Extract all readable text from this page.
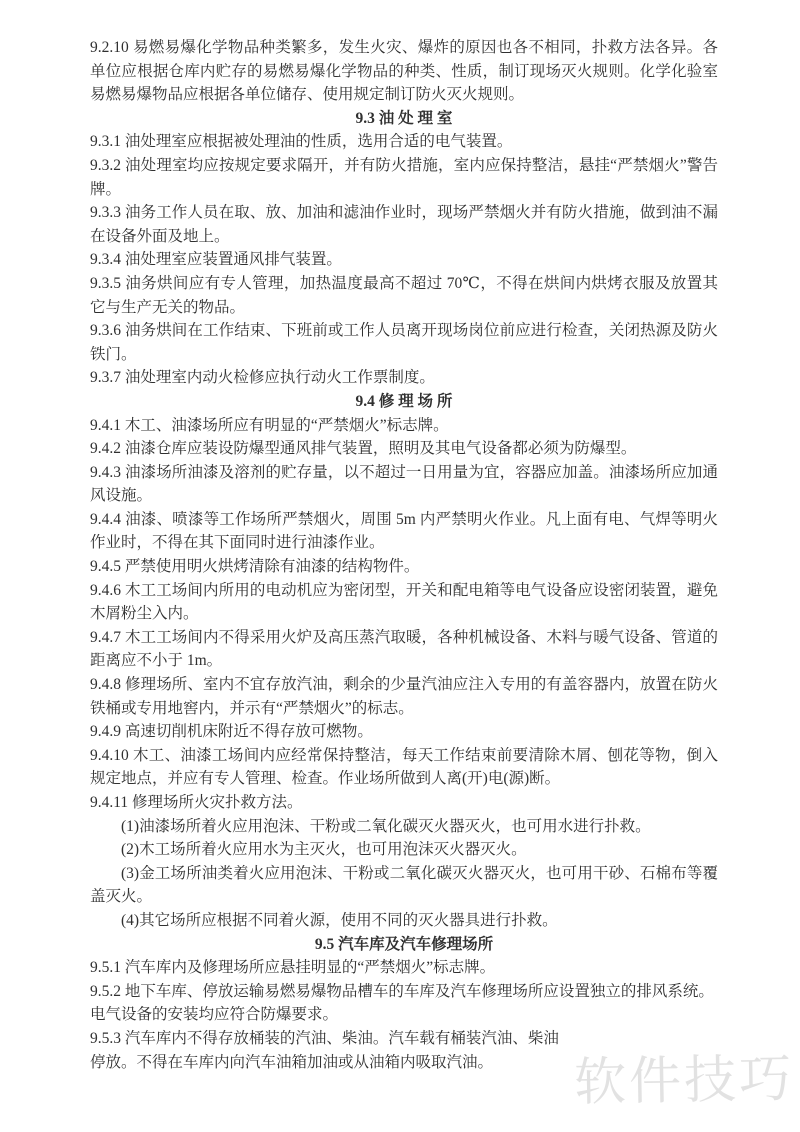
9.2.10 易燃易爆化学物品种类繁多，发生火灾、爆炸的原因也各不相同，扑救方法各异。各单位应根据仓库内贮存的易燃易爆化学物品的种类、性质，制订现场灭火规则。化学化验室易燃易爆物品应根据各单位储存、使用规定制订防火灭火规则。

9.3 油 处 理 室

9.3.1 油处理室应根据被处理油的性质，选用合适的电气装置。

9.3.2 油处理室均应按规定要求隔开，并有防火措施，室内应保持整洁，悬挂“严禁烟火”警告牌。

9.3.3 油务工作人员在取、放、加油和滤油作业时，现场严禁烟火并有防火措施，做到油不漏在设备外面及地上。

9.3.4 油处理室应装置通风排气装置。

9.3.5 油务烘间应有专人管理，加热温度最高不超过 70℃，不得在烘间内烘烤衣服及放置其它与生产无关的物品。

9.3.6 油务烘间在工作结束、下班前或工作人员离开现场岗位前应进行检查，关闭热源及防火铁门。

9.3.7 油处理室内动火检修应执行动火工作票制度。

9.4 修 理 场 所

9.4.1 木工、油漆场所应有明显的“严禁烟火”标志牌。

9.4.2 油漆仓库应装设防爆型通风排气装置，照明及其电气设备都必须为防爆型。

9.4.3 油漆场所油漆及溶剂的贮存量，以不超过一日用量为宜，容器应加盖。油漆场所应加通风设施。

9.4.4 油漆、喷漆等工作场所严禁烟火，周围 5m 内严禁明火作业。凡上面有电、气焊等明火作业时，不得在其下面同时进行油漆作业。

9.4.5 严禁使用明火烘烤清除有油漆的结构物件。

9.4.6 木工工场间内所用的电动机应为密闭型，开关和配电箱等电气设备应设密闭装置，避免木屑粉尘入内。

9.4.7 木工工场间内不得采用火炉及高压蒸汽取暖，各种机械设备、木料与暖气设备、管道的距离应不小于 1m。

9.4.8 修理场所、室内不宜存放汽油，剩余的少量汽油应注入专用的有盖容器内，放置在防火铁桶或专用地窖内，并示有“严禁烟火”的标志。

9.4.9 高速切削机床附近不得存放可燃物。

9.4.10 木工、油漆工场间内应经常保持整洁，每天工作结束前要清除木屑、刨花等物，倒入规定地点，并应有专人管理、检查。作业场所做到人离(开)电(源)断。

9.4.11 修理场所火灾扑救方法。

(1)油漆场所着火应用泡沫、干粉或二氧化碳灭火器灭火，也可用水进行扑救。

(2)木工场所着火应用水为主灭火，也可用泡沫灭火器灭火。

(3)金工场所油类着火应用泡沫、干粉或二氧化碳灭火器灭火，也可用干砂、石棉布等覆盖灭火。

(4)其它场所应根据不同着火源，使用不同的灭火器具进行扑救。

9.5 汽车库及汽车修理场所

9.5.1 汽车库内及修理场所应悬挂明显的“严禁烟火”标志牌。

9.5.2 地下车库、停放运输易燃易爆物品槽车的车库及汽车修理场所应设置独立的排风系统。

电气设备的安装均应符合防爆要求。

9.5.3 汽车库内不得存放桶装的汽油、柴油。汽车载有桶装汽油、柴油

停放。不得在车库内向汽车油箱加油或从油箱内吸取汽油。	软件技巧
